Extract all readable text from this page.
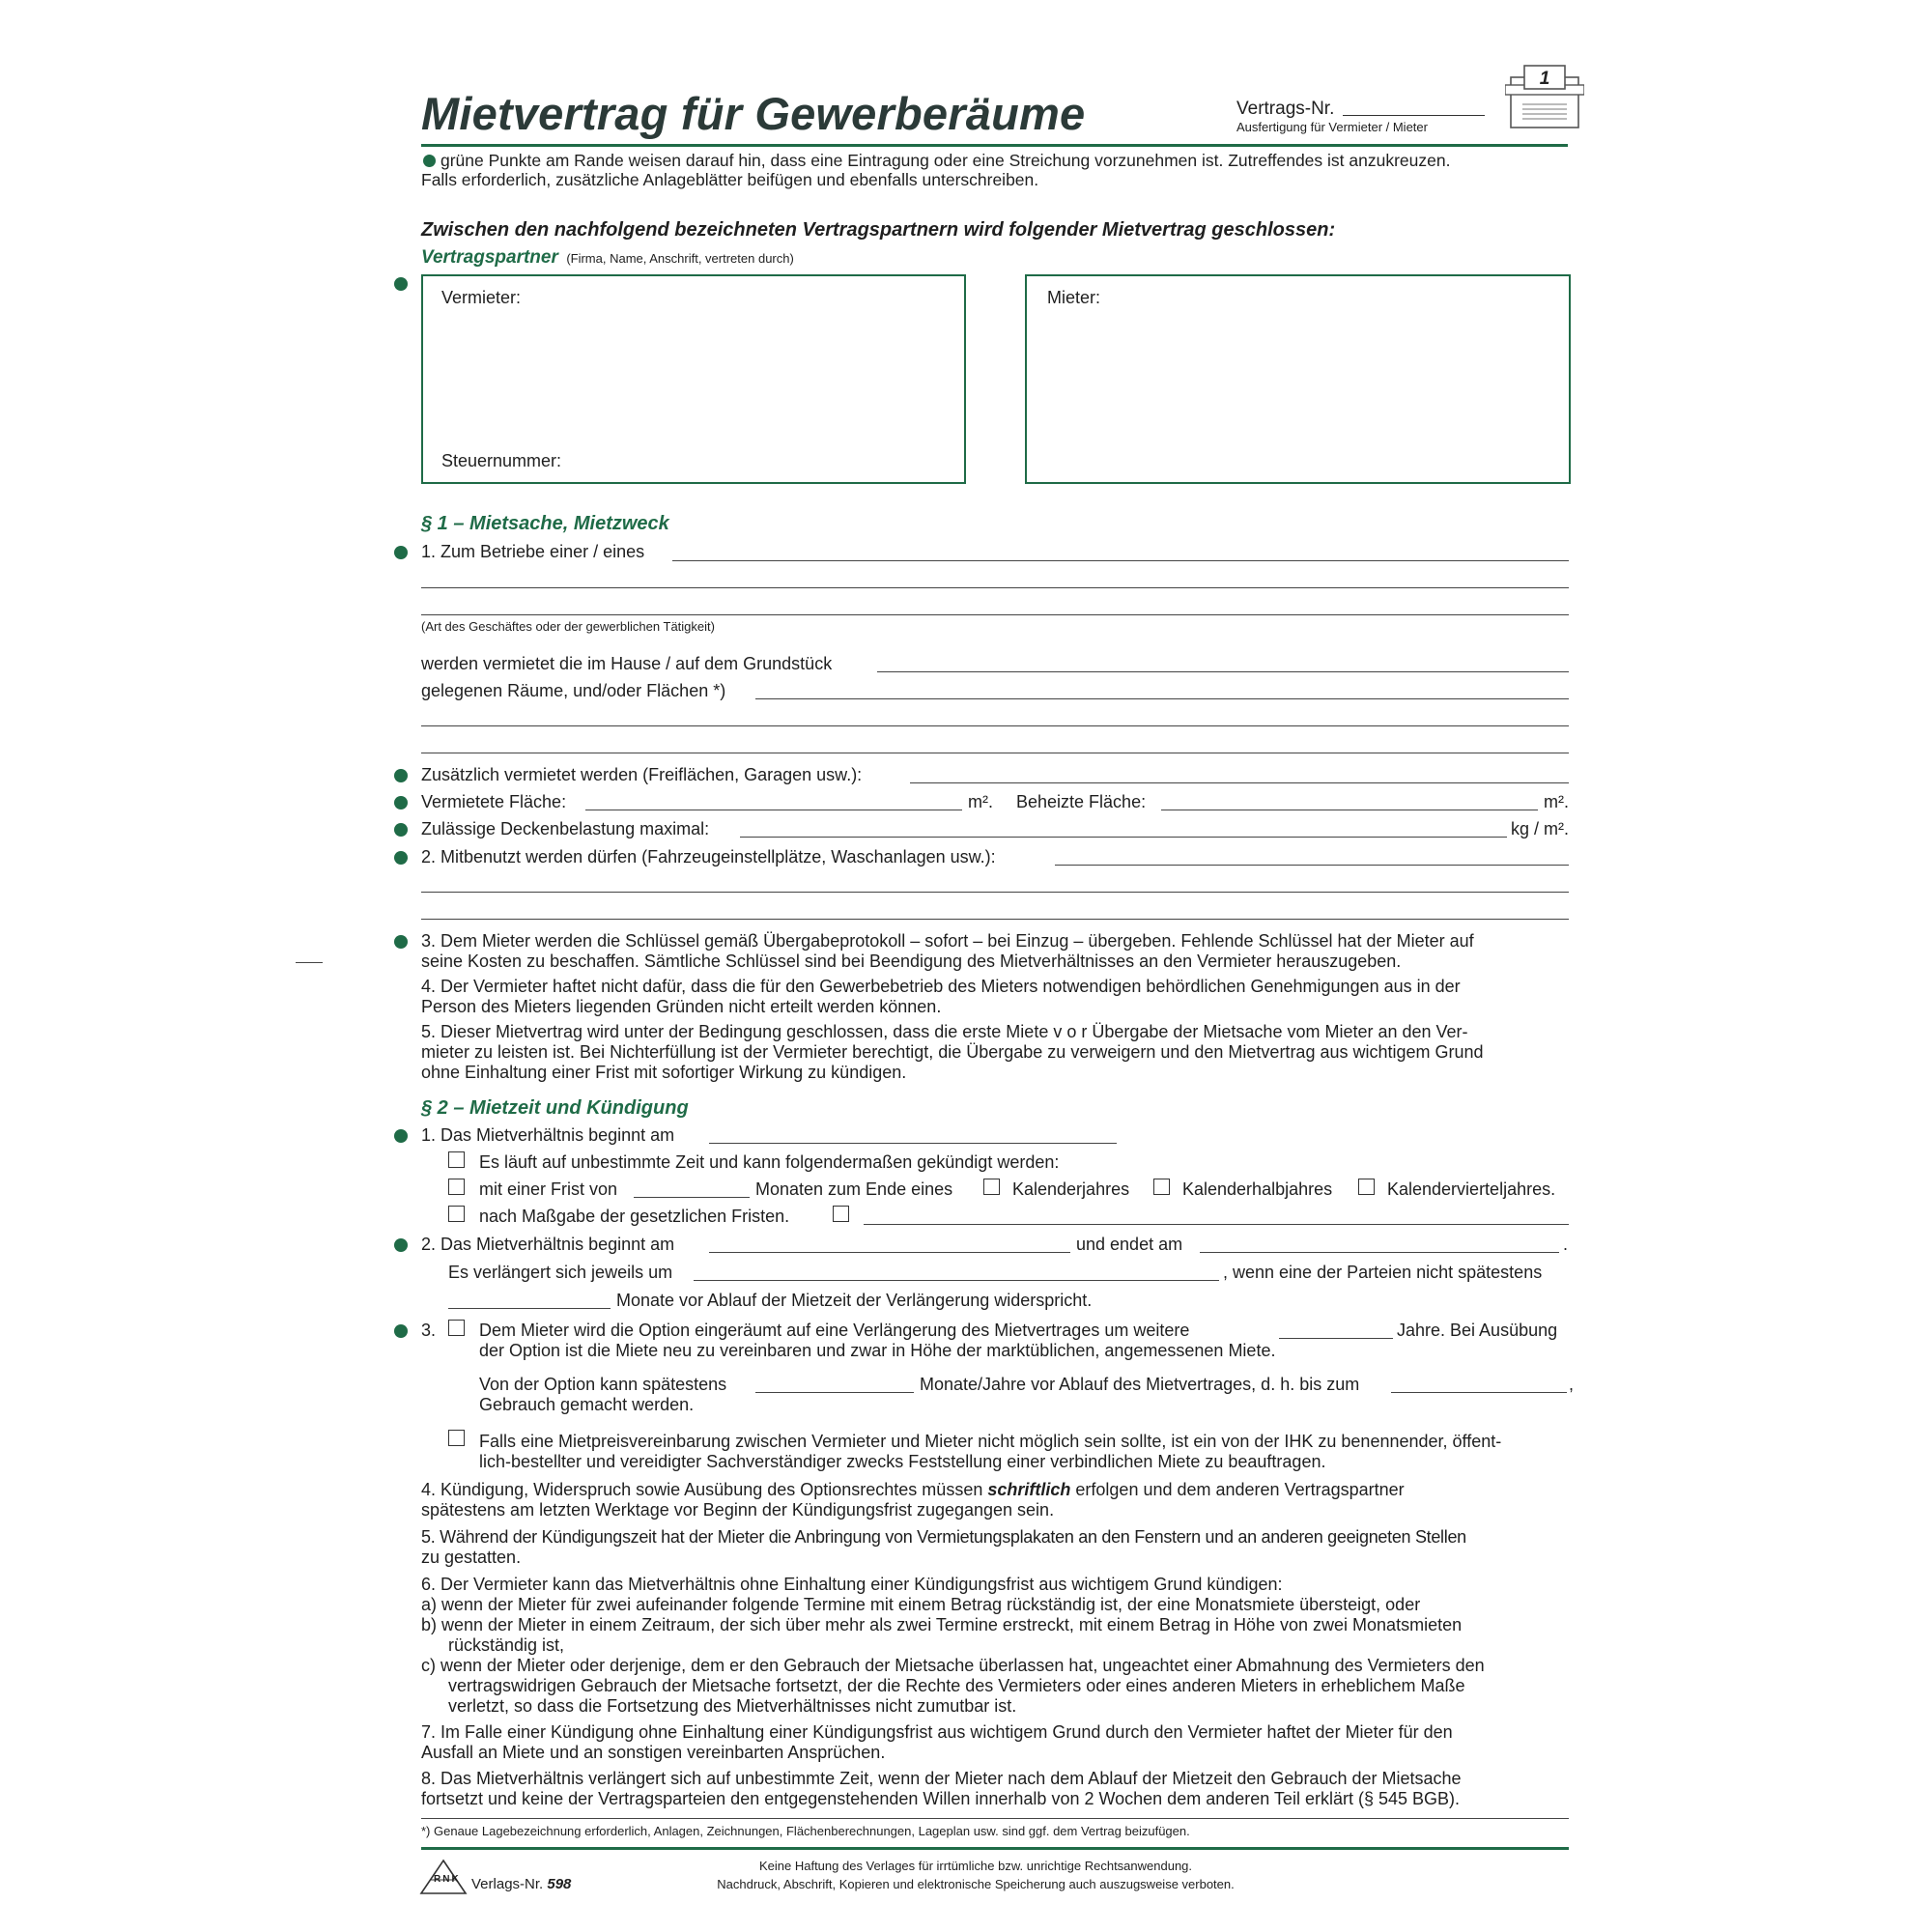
Mietvertrag für Gewerberäume	Vertrags-Nr.
Ausfertigung für Vermieter / Mieter
1
grüne Punkte am Rande weisen darauf hin, dass eine Eintragung oder eine Streichung vorzunehmen ist. Zutreffendes ist anzukreuzen.
Falls erforderlich, zusätzliche Anlageblätter beifügen und ebenfalls unterschreiben.
Zwischen den nachfolgend bezeichneten Vertragspartnern wird folgender Mietvertrag geschlossen:
Vertragspartner (Firma, Name, Anschrift, vertreten durch)
Vermieter:
Steuernummer:
Mieter:
§ 1 – Mietsache, Mietzweck
1. Zum Betriebe einer / eines
(Art des Geschäftes oder der gewerblichen Tätigkeit)
werden vermietet die im Hause / auf dem Grundstück
gelegenen Räume, und/oder Flächen *)
Zusätzlich vermietet werden (Freiflächen, Garagen usw.):
Vermietete Fläche:	m². Beheizte Fläche:	m².
Zulässige Deckenbelastung maximal:	kg / m².
2. Mitbenutzt werden dürfen (Fahrzeugeinstellplätze, Waschanlagen usw.):
3. Dem Mieter werden die Schlüssel gemäß Übergabeprotokoll – sofort – bei Einzug – übergeben. Fehlende Schlüssel hat der Mieter auf
seine Kosten zu beschaffen. Sämtliche Schlüssel sind bei Beendigung des Mietverhältnisses an den Vermieter herauszugeben.
4. Der Vermieter haftet nicht dafür, dass die für den Gewerbebetrieb des Mieters notwendigen behördlichen Genehmigungen aus in der
Person des Mieters liegenden Gründen nicht erteilt werden können.
5. Dieser Mietvertrag wird unter der Bedingung geschlossen, dass die erste Miete v o r Übergabe der Mietsache vom Mieter an den Ver-
mieter zu leisten ist. Bei Nichterfüllung ist der Vermieter berechtigt, die Übergabe zu verweigern und den Mietvertrag aus wichtigem Grund
ohne Einhaltung einer Frist mit sofortiger Wirkung zu kündigen.
§ 2 – Mietzeit und Kündigung
1. Das Mietverhältnis beginnt am
Es läuft auf unbestimmte Zeit und kann folgendermaßen gekündigt werden:
mit einer Frist von	Monaten zum Ende eines	Kalenderjahres	Kalenderhalbjahres	Kalendervierteljahres.
nach Maßgabe der gesetzlichen Fristen.
2. Das Mietverhältnis beginnt am	und endet am	.
Es verlängert sich jeweils um	, wenn eine der Parteien nicht spätestens
Monate vor Ablauf der Mietzeit der Verlängerung widerspricht.
3. Dem Mieter wird die Option eingeräumt auf eine Verlängerung des Mietvertrages um weitere	Jahre. Bei Ausübung
der Option ist die Miete neu zu vereinbaren und zwar in Höhe der marktüblichen, angemessenen Miete.
Von der Option kann spätestens	Monate/Jahre vor Ablauf des Mietvertrages, d. h. bis zum	,
Gebrauch gemacht werden.
Falls eine Mietpreisvereinbarung zwischen Vermieter und Mieter nicht möglich sein sollte, ist ein von der IHK zu benennender, öffent-
lich-bestellter und vereidigter Sachverständiger zwecks Feststellung einer verbindlichen Miete zu beauftragen.
4. Kündigung, Widerspruch sowie Ausübung des Optionsrechtes müssen schriftlich erfolgen und dem anderen Vertragspartner
spätestens am letzten Werktage vor Beginn der Kündigungsfrist zugegangen sein.
5. Während der Kündigungszeit hat der Mieter die Anbringung von Vermietungsplakaten an den Fenstern und an anderen geeigneten Stellen
zu gestatten.
6. Der Vermieter kann das Mietverhältnis ohne Einhaltung einer Kündigungsfrist aus wichtigem Grund kündigen:
a) wenn der Mieter für zwei aufeinander folgende Termine mit einem Betrag rückständig ist, der eine Monatsmiete übersteigt, oder
b) wenn der Mieter in einem Zeitraum, der sich über mehr als zwei Termine erstreckt, mit einem Betrag in Höhe von zwei Monatsmieten
rückständig ist,
c) wenn der Mieter oder derjenige, dem er den Gebrauch der Mietsache überlassen hat, ungeachtet einer Abmahnung des Vermieters den
vertragswidrigen Gebrauch der Mietsache fortsetzt, der die Rechte des Vermieters oder eines anderen Mieters in erheblichem Maße
verletzt, so dass die Fortsetzung des Mietverhältnisses nicht zumutbar ist.
7. Im Falle einer Kündigung ohne Einhaltung einer Kündigungsfrist aus wichtigem Grund durch den Vermieter haftet der Mieter für den
Ausfall an Miete und an sonstigen vereinbarten Ansprüchen.
8. Das Mietverhältnis verlängert sich auf unbestimmte Zeit, wenn der Mieter nach dem Ablauf der Mietzeit den Gebrauch der Mietsache
fortsetzt und keine der Vertragsparteien den entgegenstehenden Willen innerhalb von 2 Wochen dem anderen Teil erklärt (§ 545 BGB).
*) Genaue Lagebezeichnung erforderlich, Anlagen, Zeichnungen, Flächenberechnungen, Lageplan usw. sind ggf. dem Vertrag beizufügen.
RNK Verlags-Nr. 598
Keine Haftung des Verlages für irrtümliche bzw. unrichtige Rechtsanwendung.
Nachdruck, Abschrift, Kopieren und elektronische Speicherung auch auszugsweise verboten.
